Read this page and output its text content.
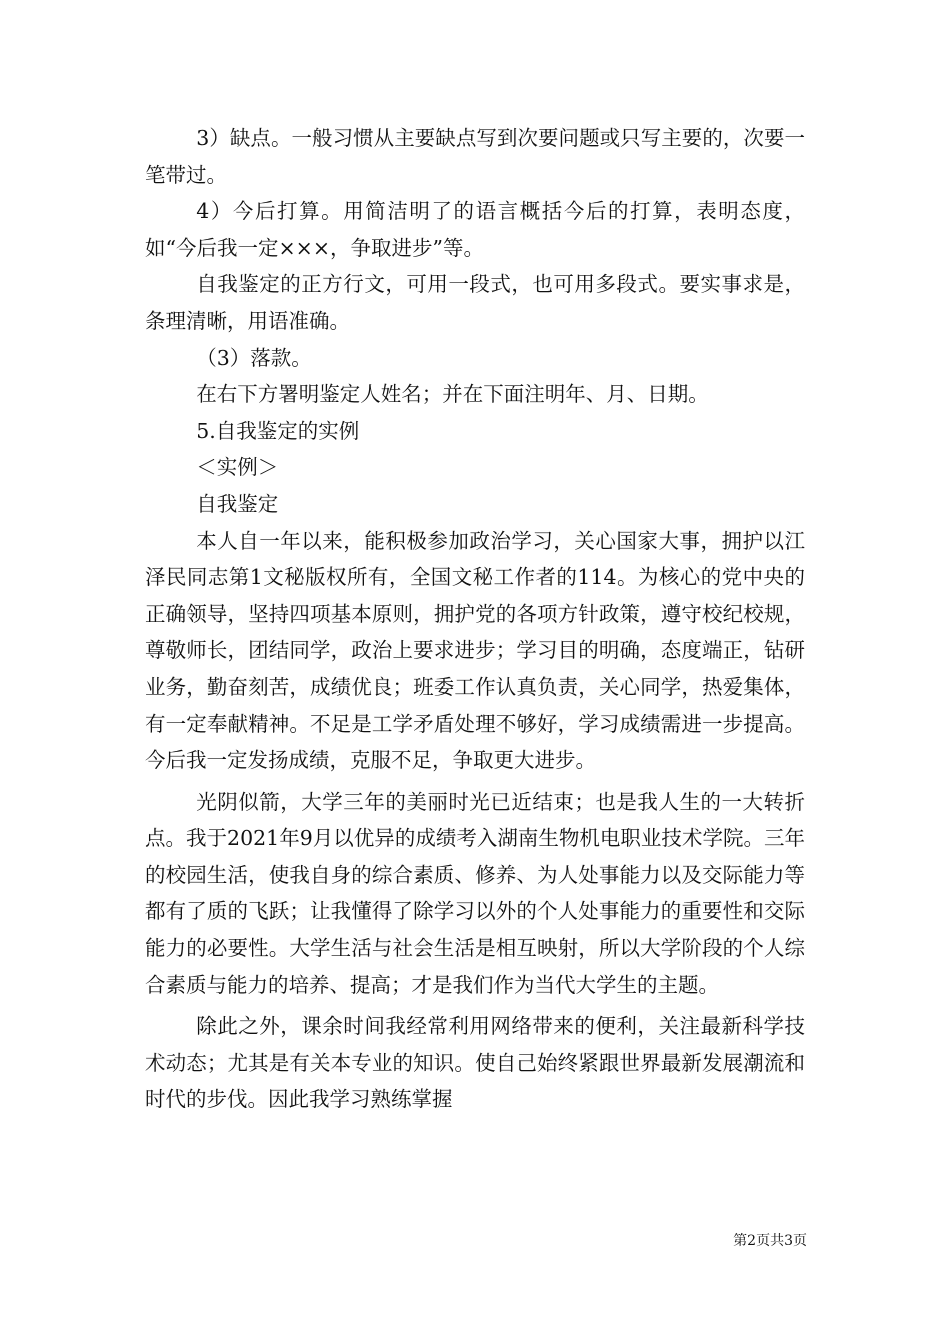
3）缺点。一般习惯从主要缺点写到次要问题或只写主要的，次要一笔带过。

4）今后打算。用简洁明了的语言概括今后的打算，表明态度，如“今后我一定×××，争取进步”等。

自我鉴定的正方行文，可用一段式，也可用多段式。要实事求是，条理清晰，用语准确。

（3）落款。

在右下方署明鉴定人姓名；并在下面注明年、月、日期。

5.自我鉴定的实例

＜实例＞

自我鉴定

本人自一年以来，能积极参加政治学习，关心国家大事，拥护以江泽民同志第1文秘版权所有，全国文秘工作者的114。为核心的党中央的正确领导，坚持四项基本原则，拥护党的各项方针政策，遵守校纪校规，尊敬师长，团结同学，政治上要求进步；学习目的明确，态度端正，钻研业务，勤奋刻苦，成绩优良；班委工作认真负责，关心同学，热爱集体，有一定奉献精神。不足是工学矛盾处理不够好，学习成绩需进一步提高。今后我一定发扬成绩，克服不足，争取更大进步。

光阴似箭，大学三年的美丽时光已近结束；也是我人生的一大转折点。我于2021年9月以优异的成绩考入湖南生物机电职业技术学院。三年的校园生活，使我自身的综合素质、修养、为人处事能力以及交际能力等都有了质的飞跃；让我懂得了除学习以外的个人处事能力的重要性和交际能力的必要性。大学生活与社会生活是相互映射，所以大学阶段的个人综合素质与能力的培养、提高；才是我们作为当代大学生的主题。

除此之外，课余时间我经常利用网络带来的便利，关注最新科学技术动态；尤其是有关本专业的知识。使自己始终紧跟世界最新发展潮流和时代的步伐。因此我学习熟练掌握

第2页共3页
